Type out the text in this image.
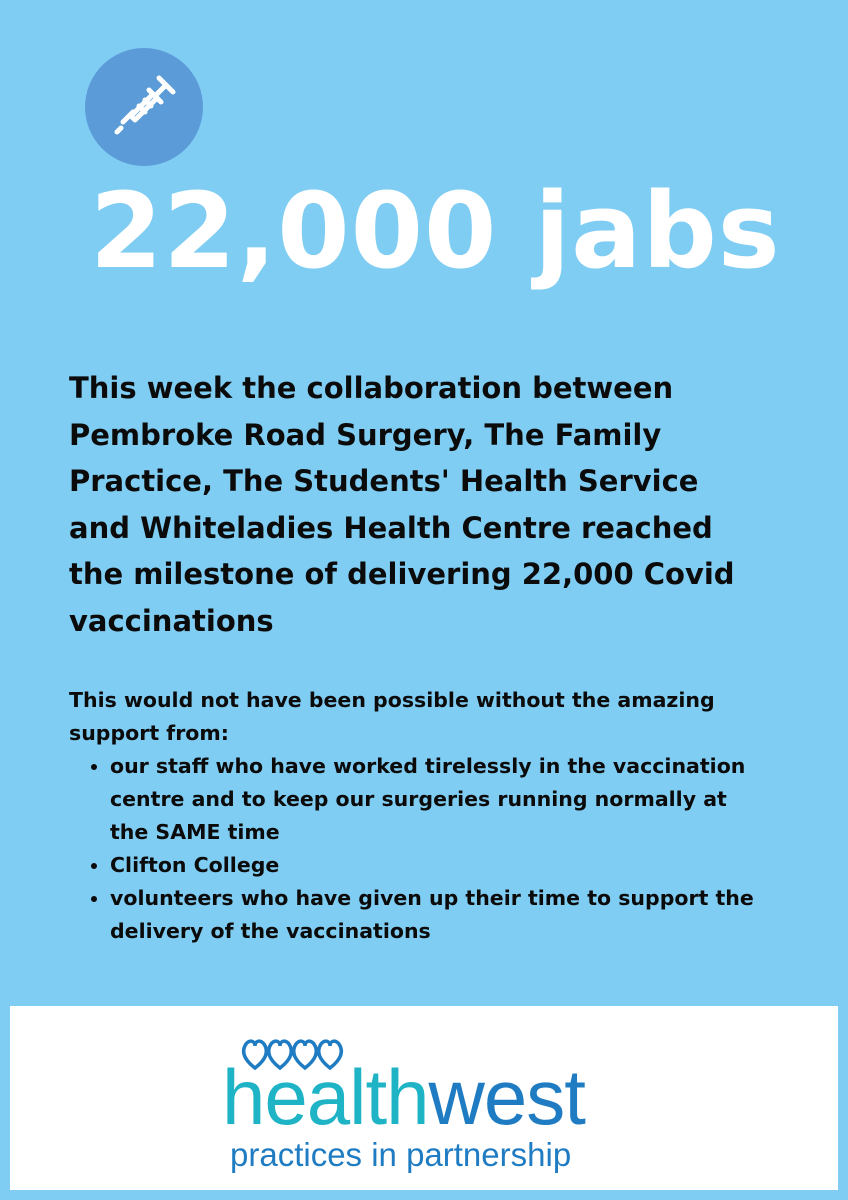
22,000 jabs
This week the collaboration between Pembroke Road Surgery, The Family Practice, The Students' Health Service and Whiteladies Health Centre reached the milestone of delivering 22,000 Covid vaccinations

This would not have been possible without the amazing support from:

• our staff who have worked tirelessly in the vaccination centre and to keep our surgeries running normally at the SAME time
• Clifton College
• volunteers who have given up their time to support the delivery of the vaccinations
healthwest
practices in partnership
